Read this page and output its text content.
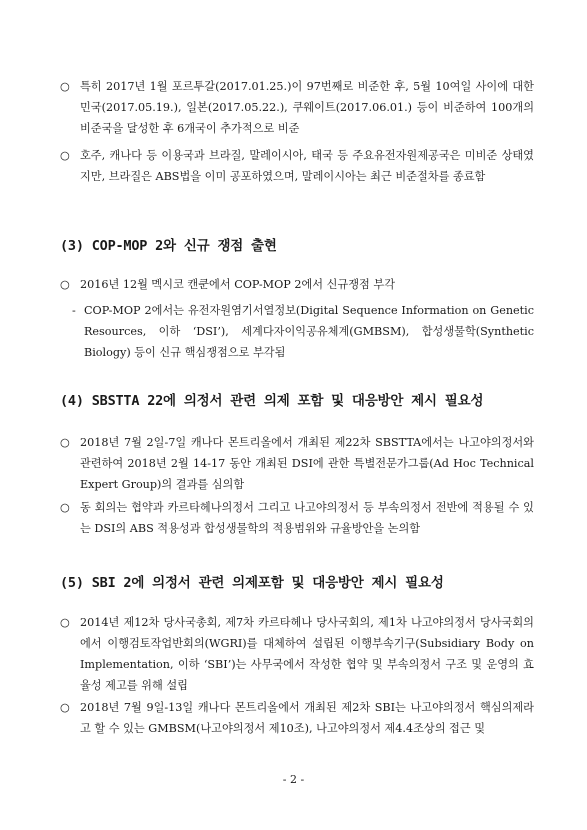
○ 특히 2017년 1월 포르투갈(2017.01.25.)이 97번째로 비준한 후, 5월 10여일 사이에 대한민국(2017.05.19.), 일본(2017.05.22.), 쿠웨이트(2017.06.01.) 등이 비준하여 100개의 비준국을 달성한 후 6개국이 추가적으로 비준
○ 호주, 캐나다 등 이용국과 브라질, 말레이시아, 태국 등 주요유전자원제공국은 미비준 상태였지만, 브라질은 ABS법을 이미 공포하였으며, 말레이시아는 최근 비준절차를 종료함
(3) COP-MOP 2와 신규 쟁점 출현
○ 2016년 12월 멕시코 캔쿤에서 COP-MOP 2에서 신규쟁점 부각
- COP-MOP 2에서는 유전자원염기서열정보(Digital Sequence Information on Genetic Resources, 이하 ‘DSI’), 세계다자이익공유체계(GMBSM), 합성생물학(Synthetic Biology) 등이 신규 핵심쟁점으로 부각됨
(4) SBSTTA 22에 의정서 관련 의제 포함 및 대응방안 제시 필요성
○ 2018년 7월 2일-7일 캐나다 몬트리올에서 개최된 제22차 SBSTTA에서는 나고야의정서와 관련하여 2018년 2월 14-17 동안 개최된 DSI에 관한 특별전문가그룹(Ad Hoc Technical Expert Group)의 결과를 심의함
○ 동 회의는 협약과 카르타헤나의정서 그리고 나고야의정서 등 부속의정서 전반에 적용될 수 있는 DSI의 ABS 적용성과 합성생물학의 적용범위와 규율방안을 논의함
(5) SBI 2에 의정서 관련 의제포함 및 대응방안 제시 필요성
○ 2014년 제12차 당사국총회, 제7차 카르타헤나 당사국회의, 제1차 나고야의정서 당사국회의에서 이행검토작업반회의(WGRI)를 대체하여 설립된 이행부속기구(Subsidiary Body on Implementation, 이하 ‘SBI’)는 사무국에서 작성한 협약 및 부속의정서 구조 및 운영의 효율성 제고를 위해 설립
○ 2018년 7월 9일-13일 캐나다 몬트리올에서 개최된 제2차 SBI는 나고야의정서 핵심의제라고 할 수 있는 GMBSM(나고야의정서 제10조), 나고야의정서 제4.4조상의 접근 및
- 2 -
